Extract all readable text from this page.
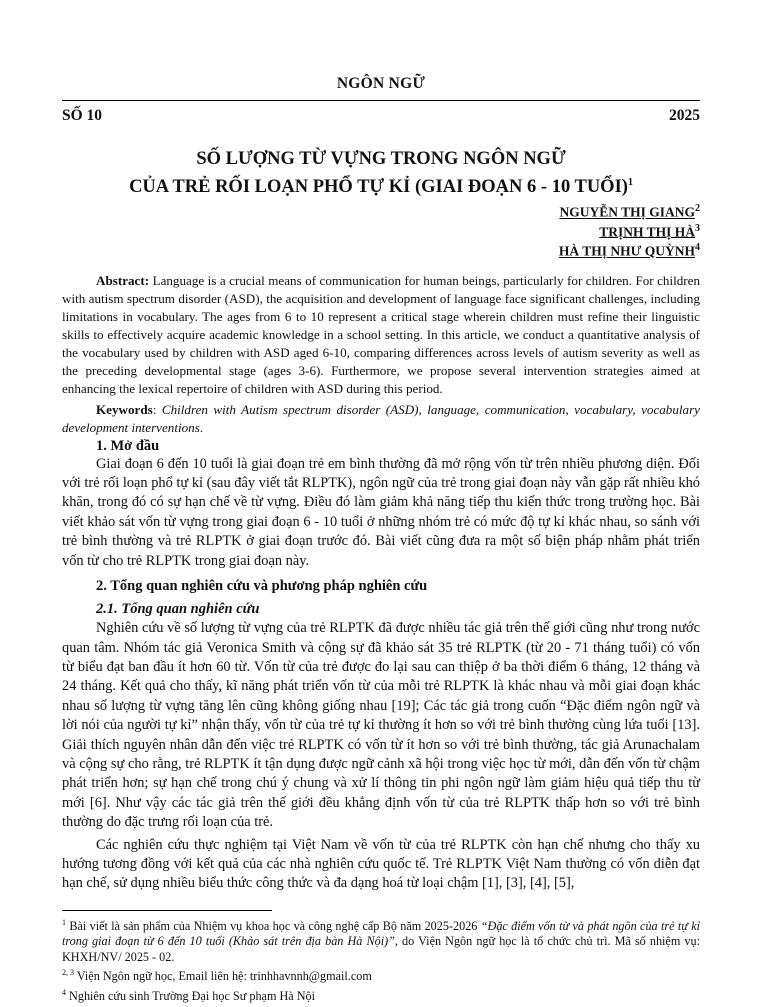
NGÔN NGỮ
SỐ 10	2025
SỐ LƯỢNG TỪ VỰNG TRONG NGÔN NGỮ
CỦA TRẺ RỐI LOẠN PHỔ TỰ KỈ (GIAI ĐOẠN 6 - 10 TUỔI)$^1$
NGUYỄN THỊ GIANG$^2$
TRỊNH THỊ $HÀ^3$
HÀ THỊ NHƯ QUỲNH$^4$

Abstract: Language is a crucial means of communication for human beings, particularly for children. For children with autism spectrum disorder (ASD), the acquisition and development of language face significant challenges, including limitations in vocabulary. The ages from 6 to 10 represent a critical stage wherein children must refine their linguistic skills to effectively acquire academic knowledge in a school setting. In this article, we conduct a quantitative analysis of the vocabulary used by children with ASD aged 6-10, comparing differences across levels of autism severity as well as the preceding developmental stage (ages 3-6). Furthermore, we propose several intervention strategies aimed at enhancing the lexical repertoire of children with ASD during this period.

Keywords: Children with Autism spectrum disorder (ASD), language, communication, vocabulary, vocabulary development interventions.

1. Mở đầu

Giai đoạn 6 đến 10 tuổi là giai đoạn trẻ em bình thường đã mở rộng vốn từ trên nhiều phương diện. Đối với trẻ rối loạn phổ tự kỉ (sau đây viết tắt RLPTK), ngôn ngữ của trẻ trong giai đoạn này vẫn gặp rất nhiều khó khăn, trong đó có sự hạn chế về từ vựng. Điều đó làm giảm khả năng tiếp thu kiến thức trong trường học. Bài viết khảo sát vốn từ vựng trong giai đoạn 6 - 10 tuổi ở những nhóm trẻ có mức độ tự kỉ khác nhau, so sánh với trẻ bình thường và trẻ RLPTK ở giai đoạn trước đó. Bài viết cũng đưa ra một số biện pháp nhằm phát triển vốn từ cho trẻ RLPTK trong giai đoạn này.

2. Tổng quan nghiên cứu và phương pháp nghiên cứu
2.1. Tổng quan nghiên cứu

Nghiên cứu về số lượng từ vựng của trẻ RLPTK đã được nhiều tác giả trên thế giới cũng như trong nước quan tâm. Nhóm tác giả Veronica Smith và cộng sự đã khảo sát 35 trẻ RLPTK (từ 20 - 71 tháng tuổi) có vốn từ biểu đạt ban đầu ít hơn 60 từ. Vốn từ của trẻ được đo lại sau can thiệp ở ba thời điểm 6 tháng, 12 tháng và 24 tháng. Kết quả cho thấy, kĩ năng phát triển vốn từ của mỗi trẻ RLPTK là khác nhau và mỗi giai đoạn khác nhau số lượng từ vựng tăng lên cũng không giống nhau [19]; Các tác giả trong cuốn “Đặc điểm ngôn ngữ và lời nói của người tự kỉ” nhận thấy, vốn từ của trẻ tự kỉ thường ít hơn so với trẻ bình thường cùng lứa tuổi [13]. Giải thích nguyên nhân dẫn đến việc trẻ RLPTK có vốn từ ít hơn so với trẻ bình thường, tác giả Arunachalam và cộng sự cho rằng, trẻ RLPTK ít tận dụng được ngữ cảnh xã hội trong việc học từ mới, dẫn đến vốn từ chậm phát triển hơn; sự hạn chế trong chú ý chung và xử lí thông tin phi ngôn ngữ làm giảm hiệu quả tiếp thu từ mới [6]. Như vậy các tác giả trên thế giới đều khẳng định vốn từ của trẻ RLPTK thấp hơn so với trẻ bình thường do đặc trưng rối loạn của trẻ.

Các nghiên cứu thực nghiệm tại Việt Nam về vốn từ của trẻ RLPTK còn hạn chế nhưng cho thấy xu hướng tương đồng với kết quả của các nhà nghiên cứu quốc tế. Trẻ RLPTK Việt Nam thường có vốn diễn đạt hạn chế, sử dụng nhiều biểu thức công thức và đa dạng hoá từ loại chậm [1], [3], [4], [5],

$^1$ Bài viết là sản phẩm của Nhiệm vụ khoa học và công nghệ cấp Bộ năm 2025-2026 “Đặc điểm vốn từ và phát ngôn của trẻ tự kỉ trong giai đoạn từ 6 đến 10 tuổi (Khảo sát trên địa bàn Hà Nội)”, do Viện Ngôn ngữ học là tổ chức chủ trì. Mã số nhiệm vụ: KHXH/NV/ 2025 - 02.
$^{2, 3}$ Viện Ngôn ngữ học, Email liên hệ: trinhhavnnh@gmail.com
$^4$ Nghiên cứu sinh Trường Đại học Sư phạm Hà Nội
